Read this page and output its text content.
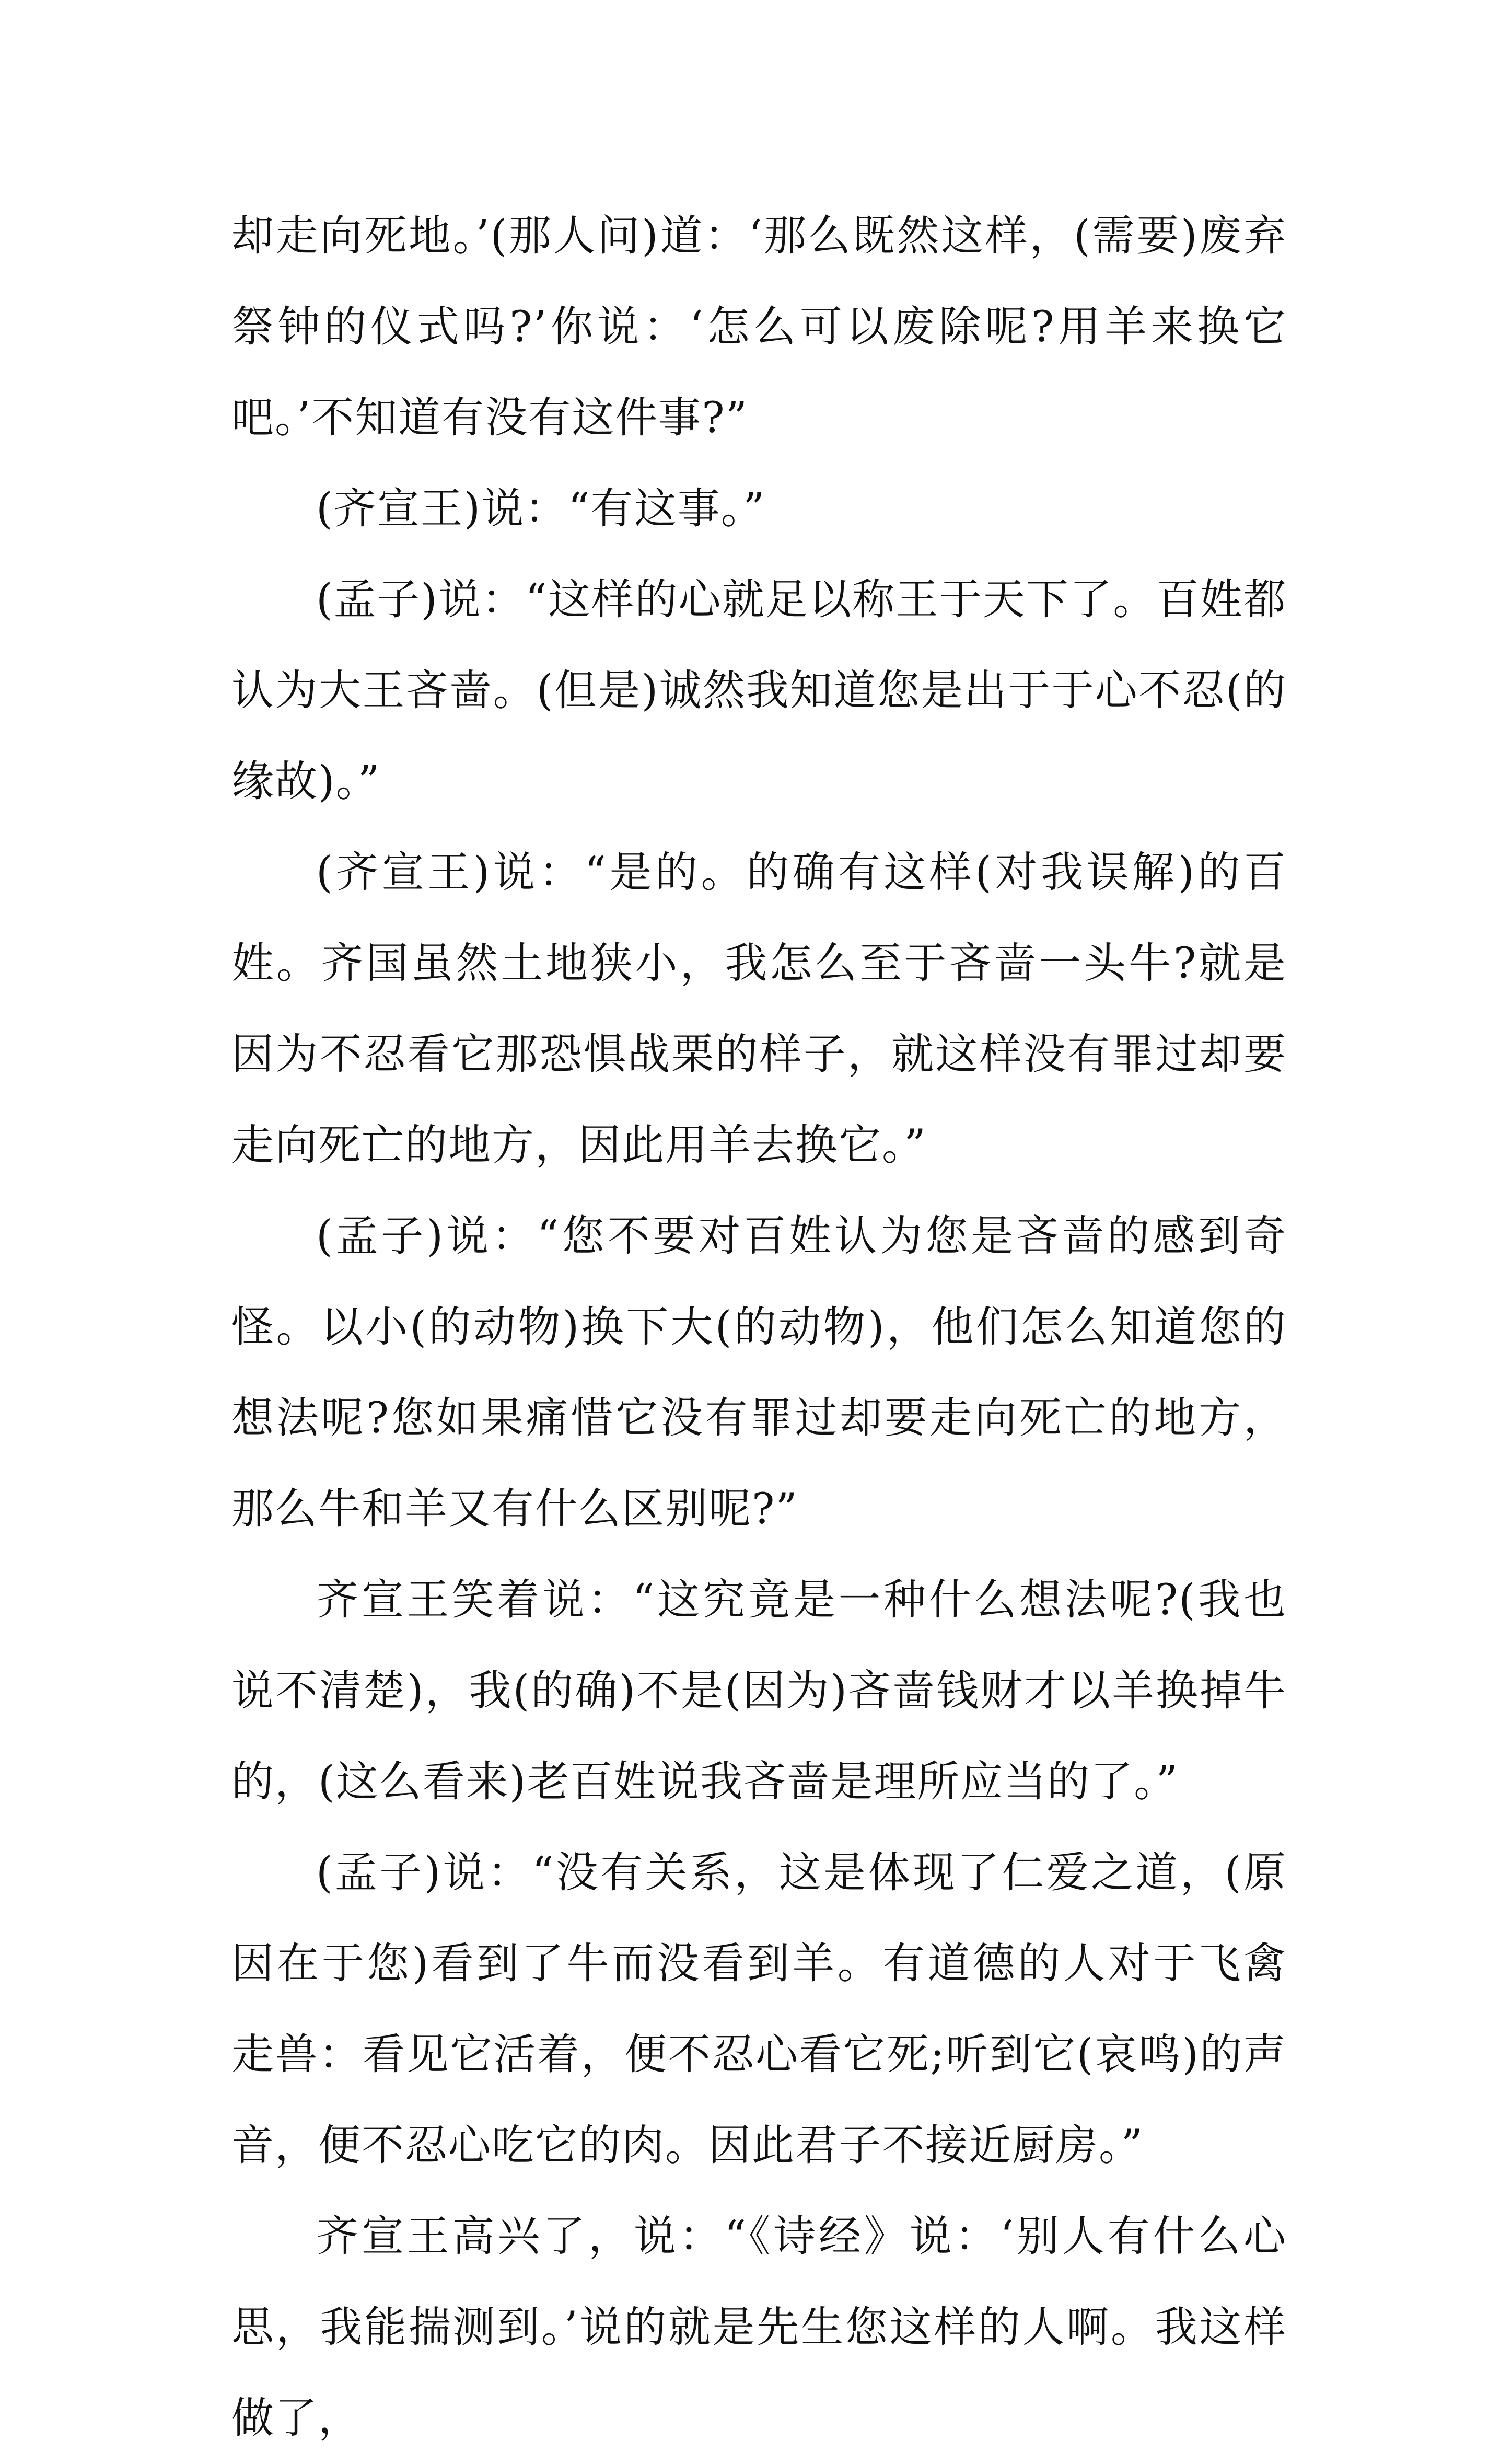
却走向死地。’(那人问)道：‘那么既然这样，(需要)废弃祭钟的仪式吗?’你说：‘怎么可以废除呢?用羊来换它吧。’不知道有没有这件事?”

(齐宣王)说：“有这事。”

(孟子)说：“这样的心就足以称王于天下了。百姓都认为大王吝啬。(但是)诚然我知道您是出于于心不忍(的缘故)。”

(齐宣王)说：“是的。的确有这样(对我误解)的百姓。齐国虽然土地狭小，我怎么至于吝啬一头牛?就是因为不忍看它那恐惧战栗的样子，就这样没有罪过却要走向死亡的地方，因此用羊去换它。”

(孟子)说：“您不要对百姓认为您是吝啬的感到奇怪。以小(的动物)换下大(的动物)，他们怎么知道您的想法呢?您如果痛惜它没有罪过却要走向死亡的地方，那么牛和羊又有什么区别呢?”

齐宣王笑着说：“这究竟是一种什么想法呢?(我也说不清楚)，我(的确)不是(因为)吝啬钱财才以羊换掉牛的，(这么看来)老百姓说我吝啬是理所应当的了。”

(孟子)说：“没有关系，这是体现了仁爱之道，(原因在于您)看到了牛而没看到羊。有道德的人对于飞禽走兽：看见它活着，便不忍心看它死;听到它(哀鸣)的声音，便不忍心吃它的肉。因此君子不接近厨房。”

齐宣王高兴了，说：“《诗经》说：‘别人有什么心思，我能揣测到。’说的就是先生您这样的人啊。我这样做了，
